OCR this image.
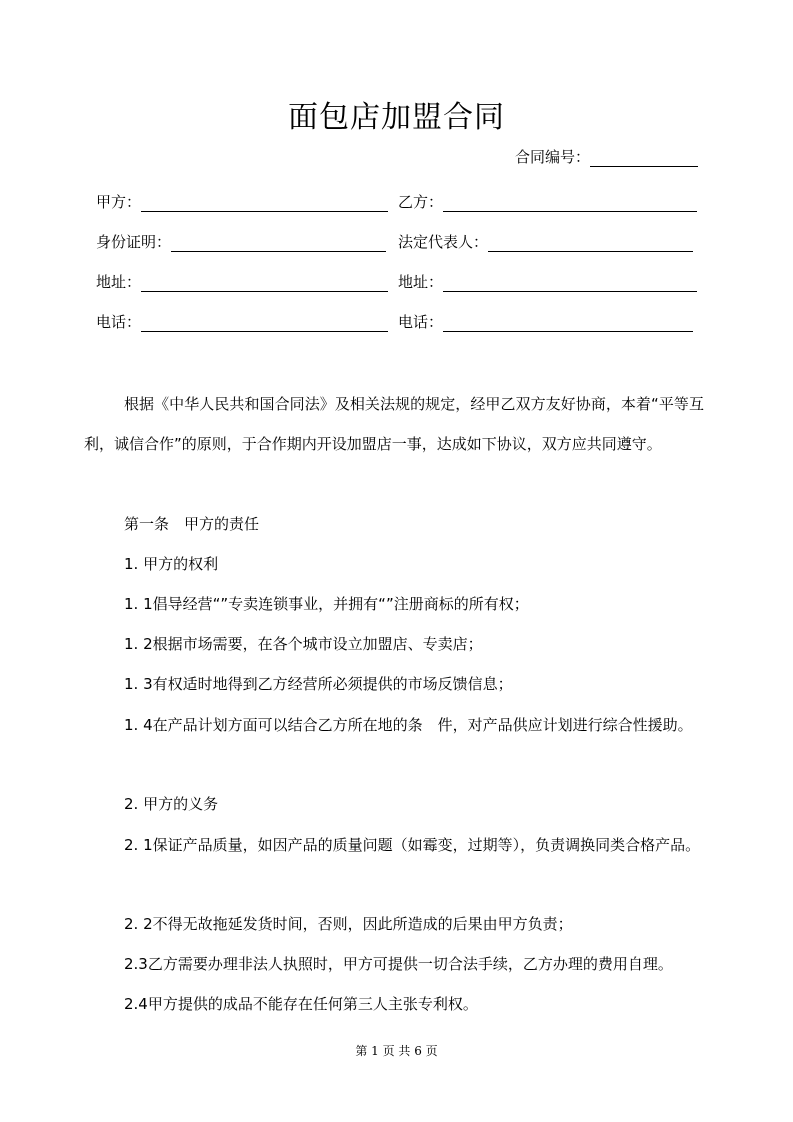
面包店加盟合同
合同编号：
甲方：	乙方：
身份证明：	法定代表人：
地址：	地址：
电话：	电话：
根据《中华人民共和国合同法》及相关法规的规定，经甲乙双方友好协商，本着“平等互利，诚信合作”的原则，于合作期内开设加盟店一事，达成如下协议，双方应共同遵守。
第一条　甲方的责任
1. 甲方的权利
1. 1倡导经营“”专卖连锁事业，并拥有“”注册商标的所有权；
1. 2根据市场需要，在各个城市设立加盟店、专卖店；
1. 3有权适时地得到乙方经营所必须提供的市场反馈信息；
1. 4在产品计划方面可以结合乙方所在地的条　件，对产品供应计划进行综合性援助。
2. 甲方的义务
2. 1保证产品质量，如因产品的质量问题（如霉变，过期等），负责调换同类合格产品。
2. 2不得无故拖延发货时间，否则，因此所造成的后果由甲方负责；
2.3乙方需要办理非法人执照时，甲方可提供一切合法手续，乙方办理的费用自理。
2.4甲方提供的成品不能存在任何第三人主张专利权。
第 1 页 共 6 页
